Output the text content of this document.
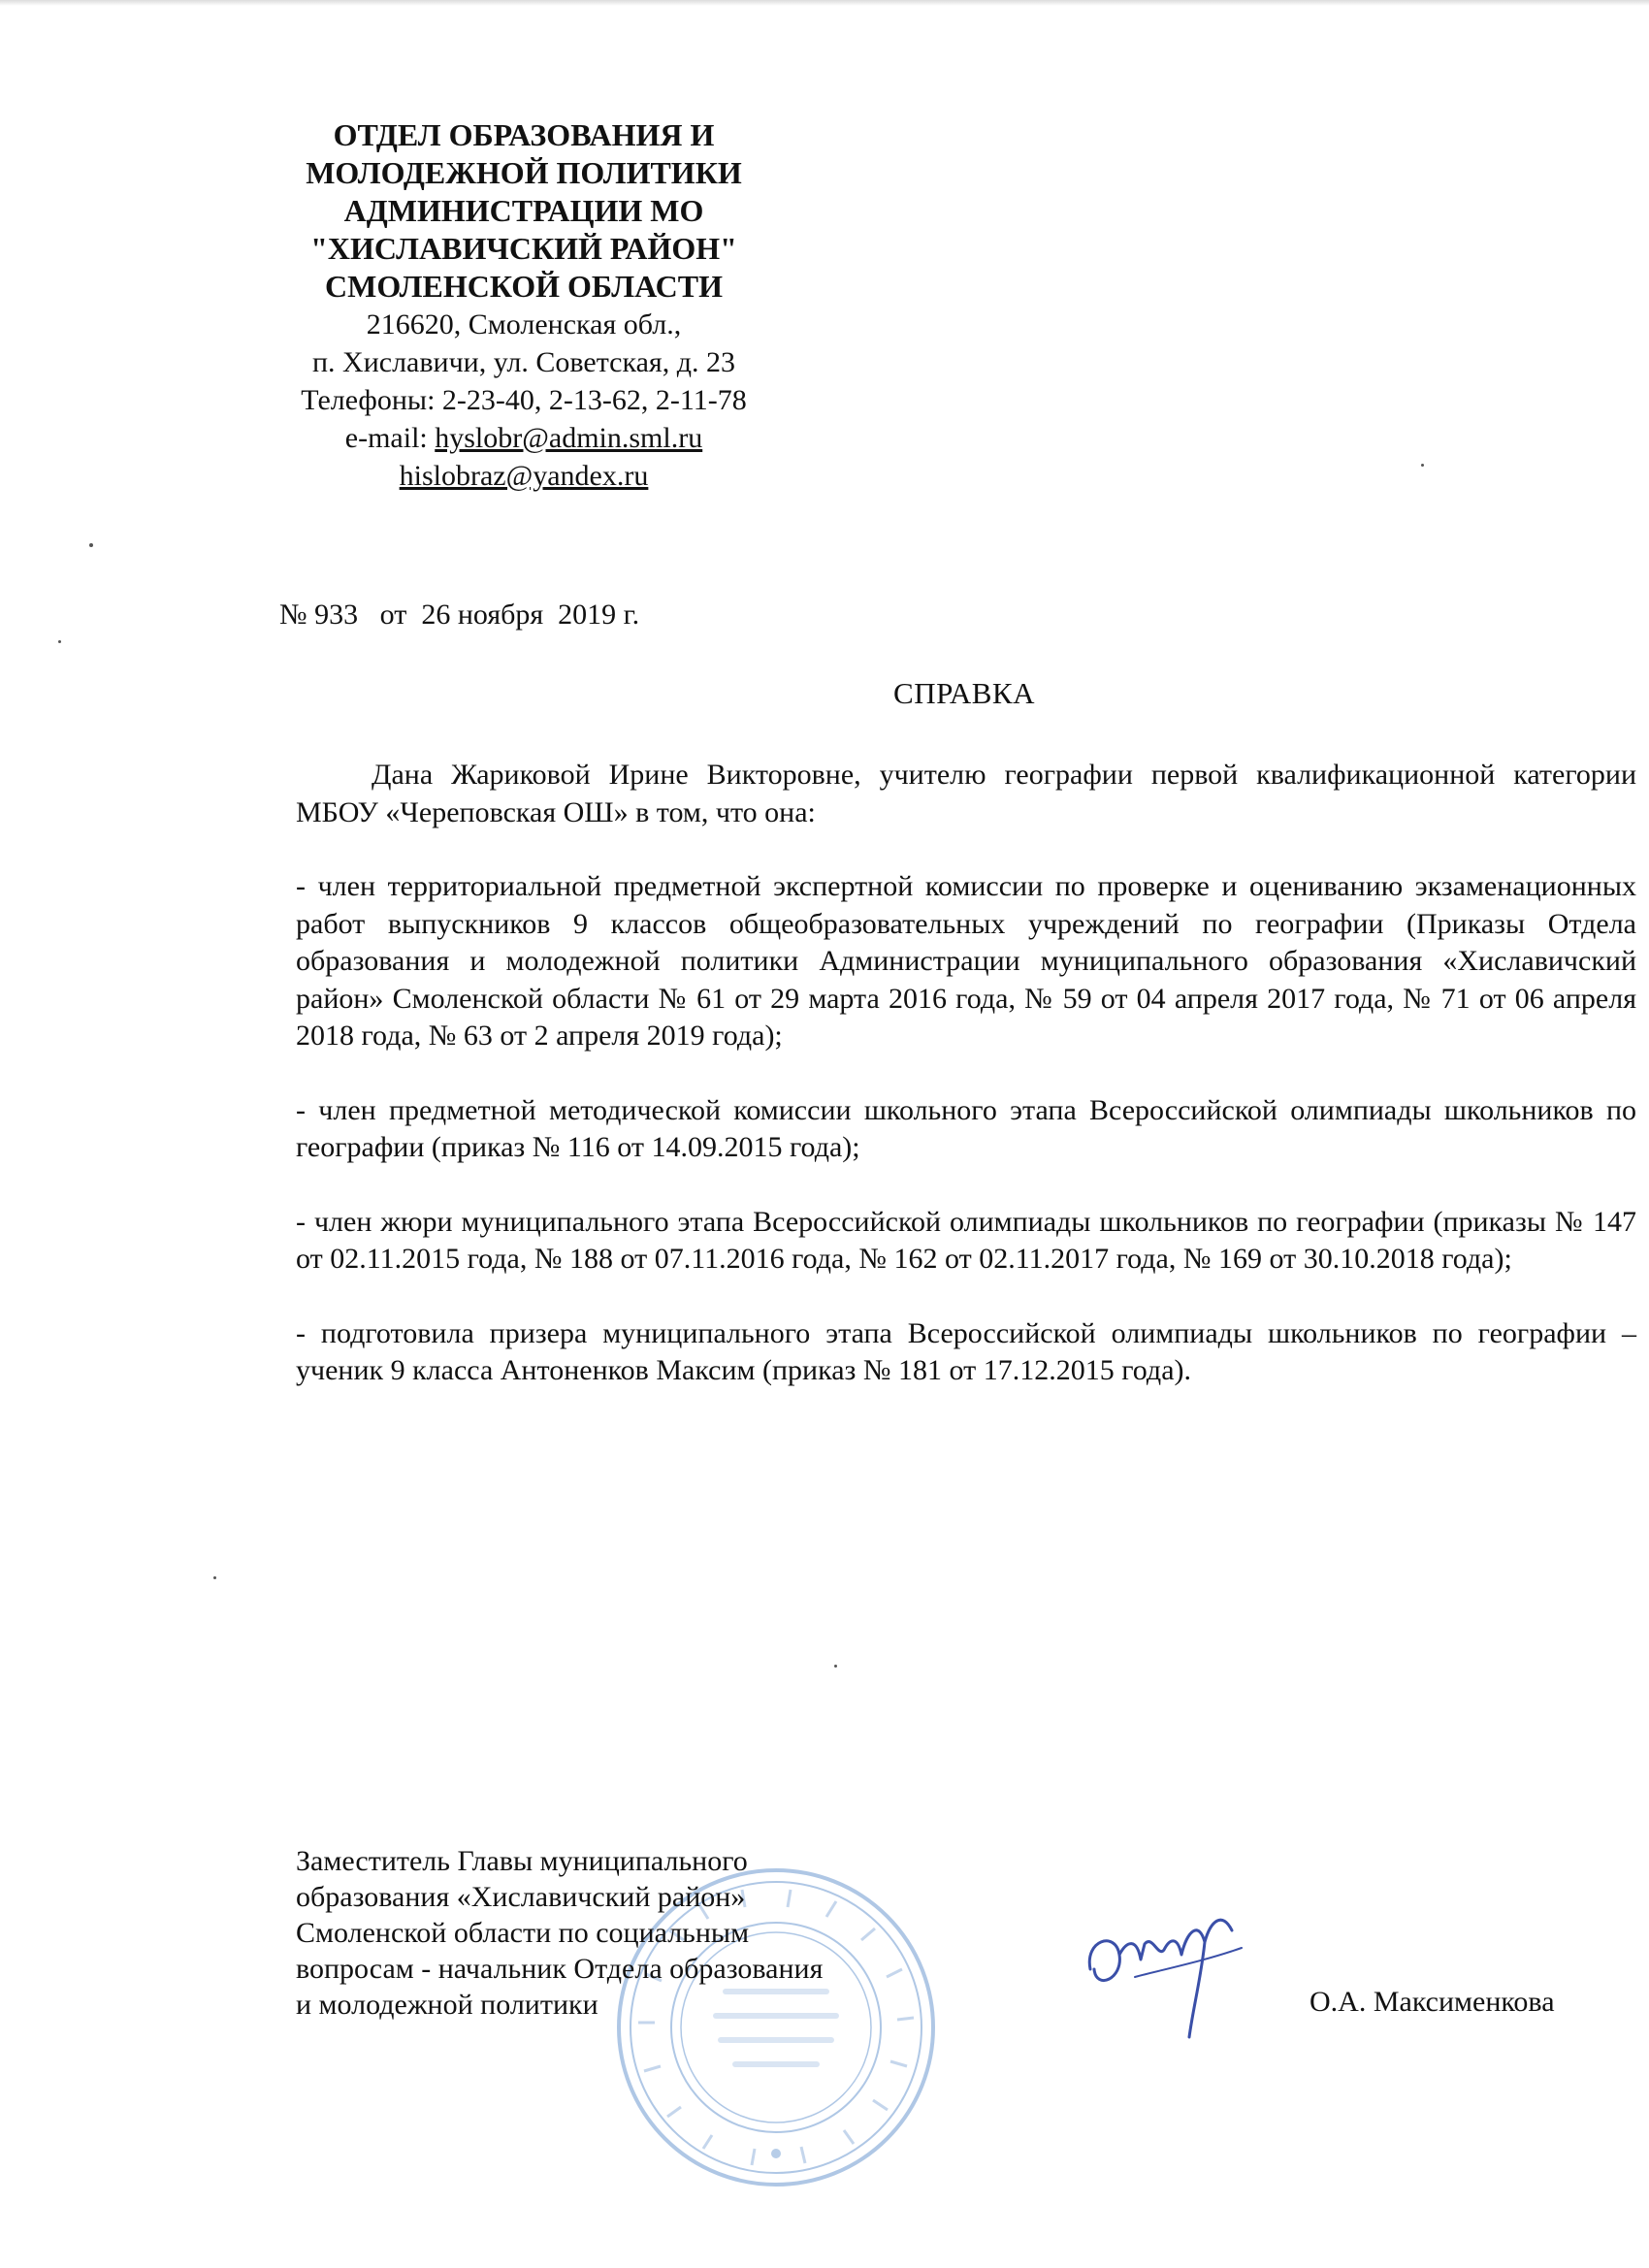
ОТДЕЛ ОБРАЗОВАНИЯ И

МОЛОДЕЖНОЙ ПОЛИТИКИ

АДМИНИСТРАЦИИ МО

"ХИСЛАВИЧСКИЙ РАЙОН"

СМОЛЕНСКОЙ ОБЛАСТИ

216620, Смоленская обл.,

п. Хиславичи, ул. Советская, д. 23

Телефоны: 2-23-40, 2-13-62, 2-11-78

e-mail: hyslobr@admin.sml.ru

hislobraz@yandex.ru

№ 933   от  26 ноября  2019 г.
СПРАВКА

Дана Жариковой Ирине Викторовне, учителю географии первой квалификационной категории МБОУ «Череповская ОШ» в том, что она:

- член территориальной предметной экспертной комиссии по проверке и оцениванию экзаменационных работ выпускников 9 классов общеобразовательных учреждений по географии (Приказы Отдела образования и молодежной политики Администрации муниципального образования «Хиславичский район» Смоленской области № 61 от 29 марта 2016 года, № 59 от 04 апреля 2017 года, № 71 от 06 апреля 2018 года, № 63 от 2 апреля 2019 года);

- член предметной методической комиссии школьного этапа Всероссийской олимпиады школьников по географии (приказ № 116 от 14.09.2015 года);

- член жюри муниципального этапа Всероссийской олимпиады школьников по географии (приказы № 147 от 02.11.2015 года, № 188 от 07.11.2016 года, № 162 от 02.11.2017 года, № 169 от 30.10.2018 года);

- подготовила призера муниципального этапа Всероссийской олимпиады школьников по географии – ученик 9 класса Антоненков Максим (приказ № 181 от 17.12.2015 года).

Заместитель Главы муниципального

образования «Хиславичский район»

Смоленской области по социальным

вопросам - начальник Отдела образования

и молодежной политики	О.А. Максименкова
